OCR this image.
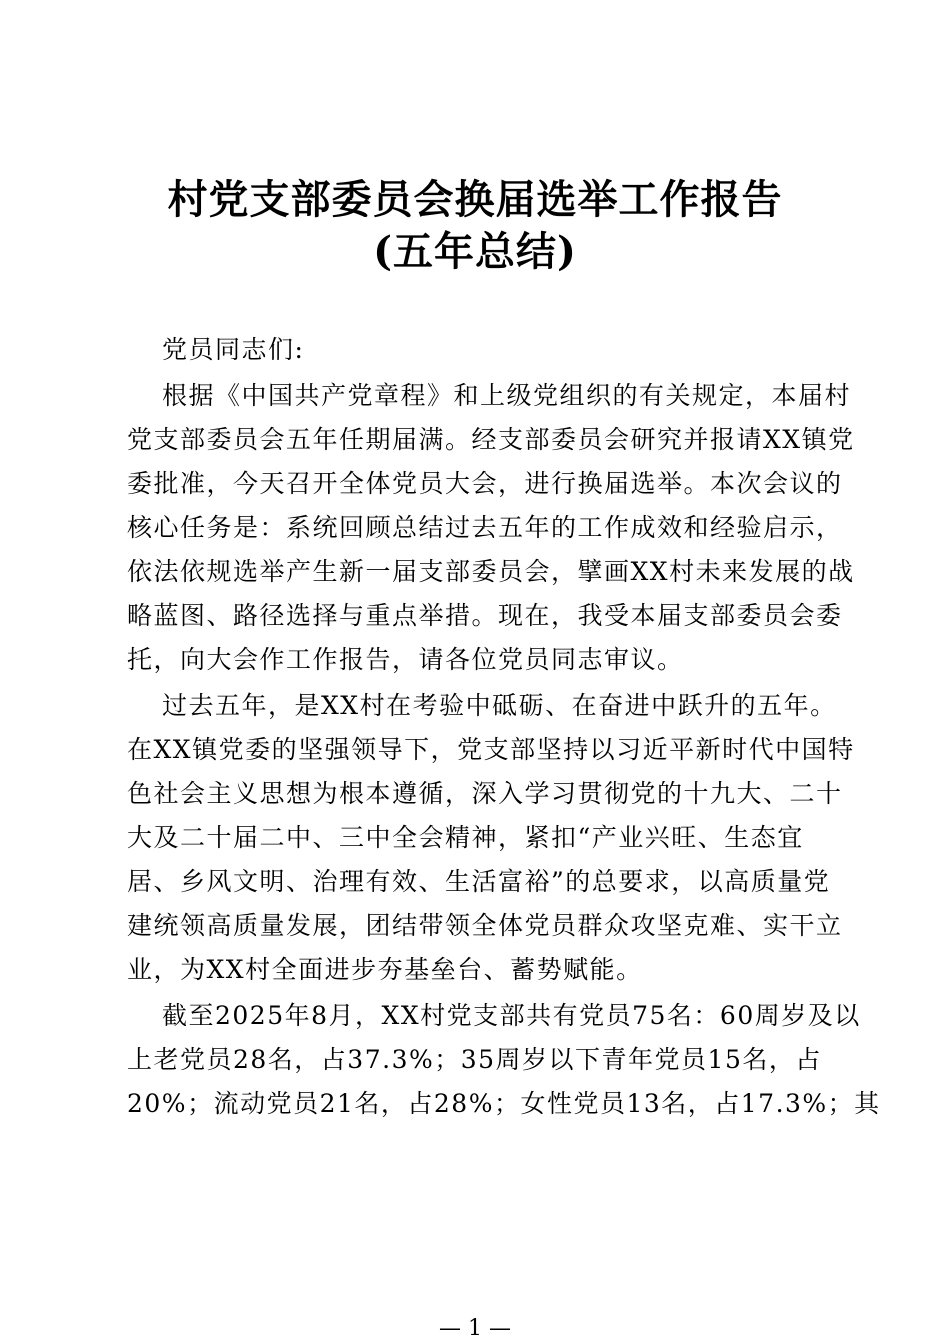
村党支部委员会换届选举工作报告
(五年总结)
党员同志们:
根据《中国共产党章程》和上级党组织的有关规定，本届村
党支部委员会五年任期届满。经支部委员会研究并报请XX镇党
委批准，今天召开全体党员大会，进行换届选举。本次会议的
核心任务是：系统回顾总结过去五年的工作成效和经验启示，
依法依规选举产生新一届支部委员会，擘画XX村未来发展的战
略蓝图、路径选择与重点举措。现在，我受本届支部委员会委
托，向大会作工作报告，请各位党员同志审议。
过去五年，是XX村在考验中砥砺、在奋进中跃升的五年。
在XX镇党委的坚强领导下，党支部坚持以习近平新时代中国特
色社会主义思想为根本遵循，深入学习贯彻党的十九大、二十
大及二十届二中、三中全会精神，紧扣“产业兴旺、生态宜
居、乡风文明、治理有效、生活富裕”的总要求，以高质量党
建统领高质量发展，团结带领全体党员群众攻坚克难、实干立
业，为XX村全面进步夯基垒台、蓄势赋能。
截至2025年8月，XX村党支部共有党员75名：60周岁及以
上老党员28名，占37.3%；35周岁以下青年党员15名，占
20%；流动党员21名，占28%；女性党员13名，占17.3%；其
— 1 —
